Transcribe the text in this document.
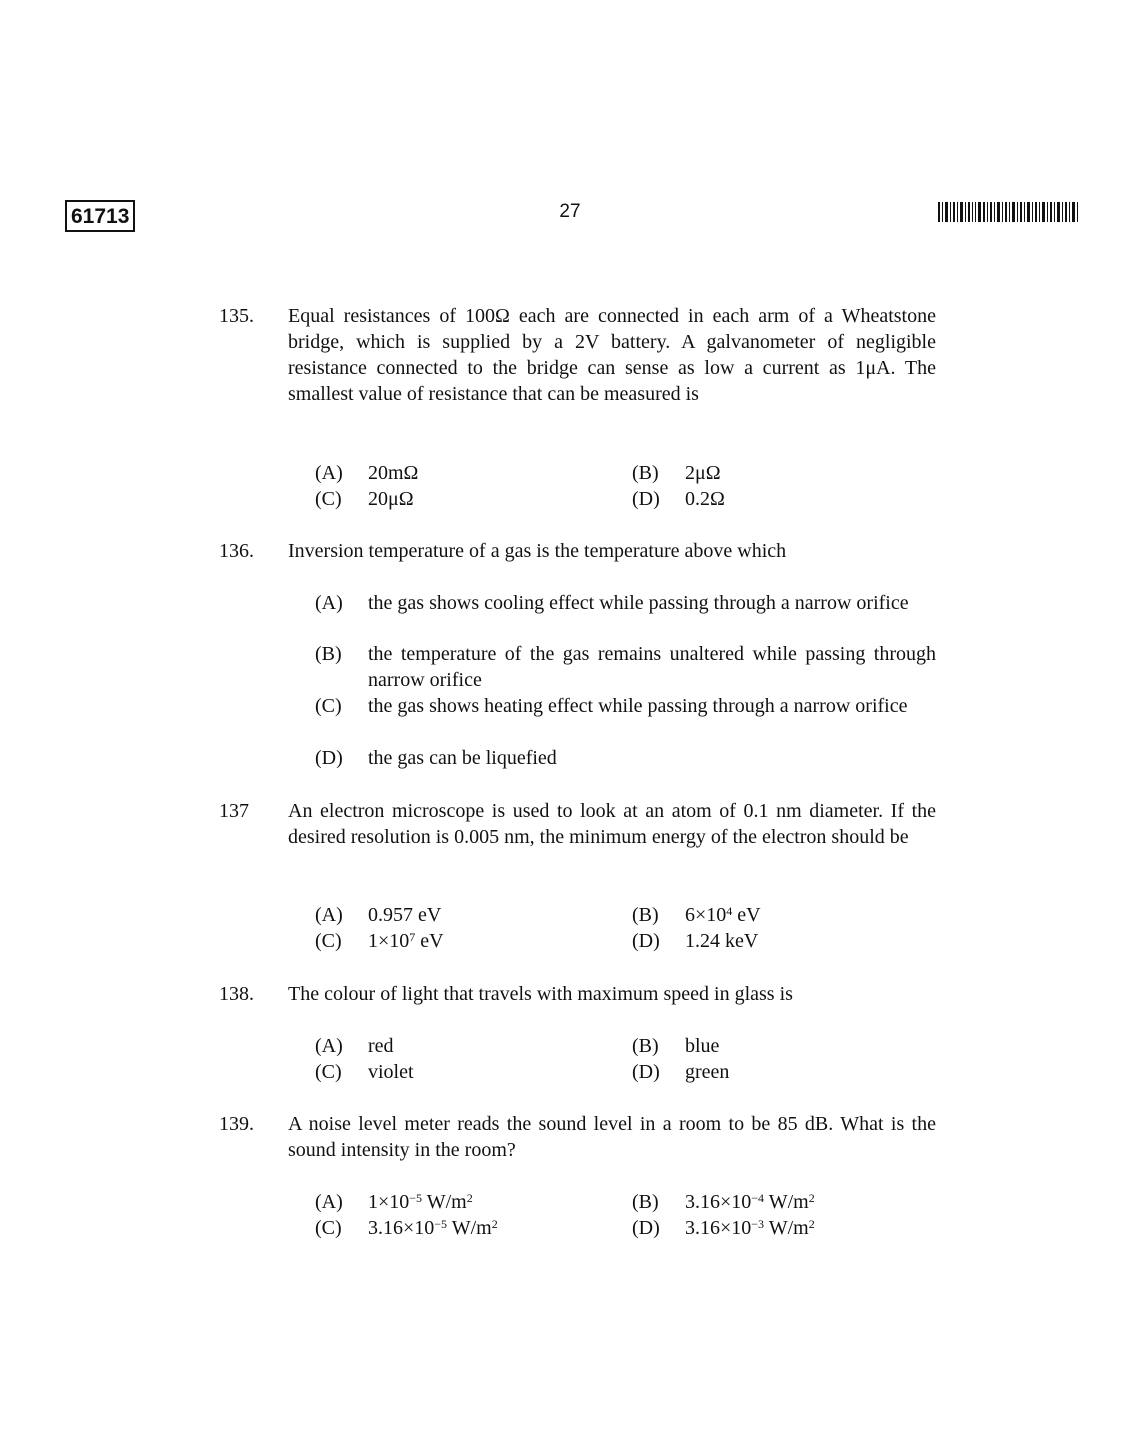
61713	27
135. Equal resistances of 100Ω each are connected in each arm of a Wheatstone bridge, which is supplied by a 2V battery. A galvanometer of negligible resistance connected to the bridge can sense as low a current as 1μA. The smallest value of resistance that can be measured is
(A) 20mΩ	(B) 2μΩ
(C) 20μΩ	(D) 0.2Ω
136. Inversion temperature of a gas is the temperature above which
(A) the gas shows cooling effect while passing through a narrow orifice
(B) the temperature of the gas remains unaltered while passing through narrow orifice
(C) the gas shows heating effect while passing through a narrow orifice
(D) the gas can be liquefied
137 An electron microscope is used to look at an atom of 0.1 nm diameter. If the desired resolution is 0.005 nm, the minimum energy of the electron should be
(A) 0.957 eV	(B) $6\times 10^4$ eV
(C) $1\times 10^7$ eV	(D) 1.24 keV
138. The colour of light that travels with maximum speed in glass is
(A) red	(B) blue
(C) violet	(D) green
139. A noise level meter reads the sound level in a room to be 85 dB. What is the sound intensity in the room?
(A) $1\times 10^{-5}$ $W/m^2$	(B) $3.16\times 10^{-4}$ $W/m^2$
(C) $3.16\times 10^{-5}$ $W/m^2$	(D) $3.16\times 10^{-3}$ $W/m^2$
